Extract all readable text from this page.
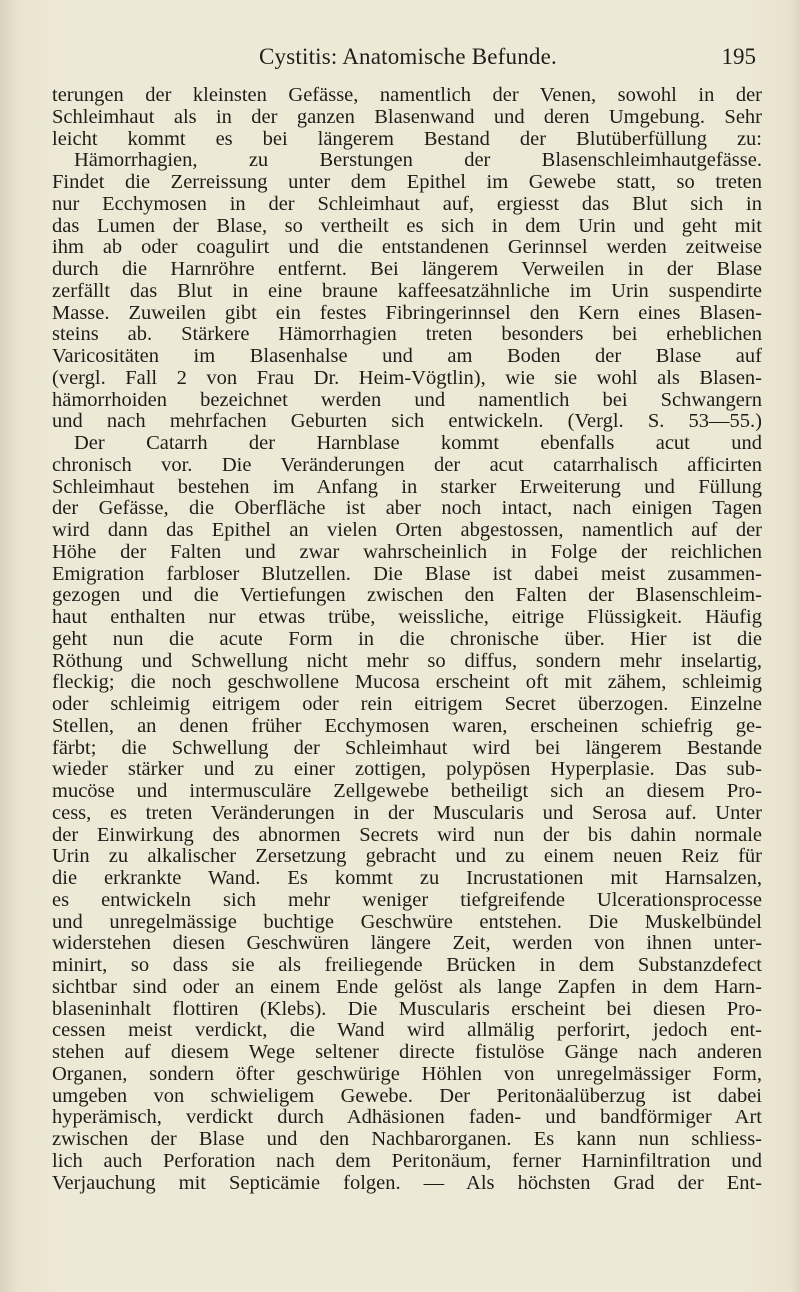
Cystitis: Anatomische Befunde.	195
terungen der kleinsten Gefässe, namentlich der Venen, sowohl in der
Schleimhaut als in der ganzen Blasenwand und deren Umgebung. Sehr
leicht kommt es bei längerem Bestand der Blutüberfüllung zu:
Hämorrhagien, zu Berstungen der Blasenschleimhautgefässe.
Findet die Zerreissung unter dem Epithel im Gewebe statt, so treten
nur Ecchymosen in der Schleimhaut auf, ergiesst das Blut sich in
das Lumen der Blase, so vertheilt es sich in dem Urin und geht mit
ihm ab oder coagulirt und die entstandenen Gerinnsel werden zeitweise
durch die Harnröhre entfernt. Bei längerem Verweilen in der Blase
zerfällt das Blut in eine braune kaffeesatzähnliche im Urin suspendirte
Masse. Zuweilen gibt ein festes Fibringerinnsel den Kern eines Blasen-
steins ab. Stärkere Hämorrhagien treten besonders bei erheblichen
Varicositäten im Blasenhalse und am Boden der Blase auf
(vergl. Fall 2 von Frau Dr. Heim-Vögtlin), wie sie wohl als Blasen-
hämorrhoiden bezeichnet werden und namentlich bei Schwangern
und nach mehrfachen Geburten sich entwickeln. (Vergl. S. 53—55.)
Der Catarrh der Harnblase kommt ebenfalls acut und
chronisch vor. Die Veränderungen der acut catarrhalisch afficirten
Schleimhaut bestehen im Anfang in starker Erweiterung und Füllung
der Gefässe, die Oberfläche ist aber noch intact, nach einigen Tagen
wird dann das Epithel an vielen Orten abgestossen, namentlich auf der
Höhe der Falten und zwar wahrscheinlich in Folge der reichlichen
Emigration farbloser Blutzellen. Die Blase ist dabei meist zusammen-
gezogen und die Vertiefungen zwischen den Falten der Blasenschleim-
haut enthalten nur etwas trübe, weissliche, eitrige Flüssigkeit. Häufig
geht nun die acute Form in die chronische über. Hier ist die
Röthung und Schwellung nicht mehr so diffus, sondern mehr inselartig,
fleckig; die noch geschwollene Mucosa erscheint oft mit zähem, schleimig
oder schleimig eitrigem oder rein eitrigem Secret überzogen. Einzelne
Stellen, an denen früher Ecchymosen waren, erscheinen schiefrig ge-
färbt; die Schwellung der Schleimhaut wird bei längerem Bestande
wieder stärker und zu einer zottigen, polypösen Hyperplasie. Das sub-
mucöse und intermusculäre Zellgewebe betheiligt sich an diesem Pro-
cess, es treten Veränderungen in der Muscularis und Serosa auf. Unter
der Einwirkung des abnormen Secrets wird nun der bis dahin normale
Urin zu alkalischer Zersetzung gebracht und zu einem neuen Reiz für
die erkrankte Wand. Es kommt zu Incrustationen mit Harnsalzen,
es entwickeln sich mehr weniger tiefgreifende Ulcerationsprocesse
und unregelmässige buchtige Geschwüre entstehen. Die Muskelbündel
widerstehen diesen Geschwüren längere Zeit, werden von ihnen unter-
minirt, so dass sie als freiliegende Brücken in dem Substanzdefect
sichtbar sind oder an einem Ende gelöst als lange Zapfen in dem Harn-
blaseninhalt flottiren (Klebs). Die Muscularis erscheint bei diesen Pro-
cessen meist verdickt, die Wand wird allmälig perforirt, jedoch ent-
stehen auf diesem Wege seltener directe fistulöse Gänge nach anderen
Organen, sondern öfter geschwürige Höhlen von unregelmässiger Form,
umgeben von schwieligem Gewebe. Der Peritonäalüberzug ist dabei
hyperämisch, verdickt durch Adhäsionen faden- und bandförmiger Art
zwischen der Blase und den Nachbarorganen. Es kann nun schliess-
lich auch Perforation nach dem Peritonäum, ferner Harninfiltration und
Verjauchung mit Septicämie folgen. — Als höchsten Grad der Ent-
